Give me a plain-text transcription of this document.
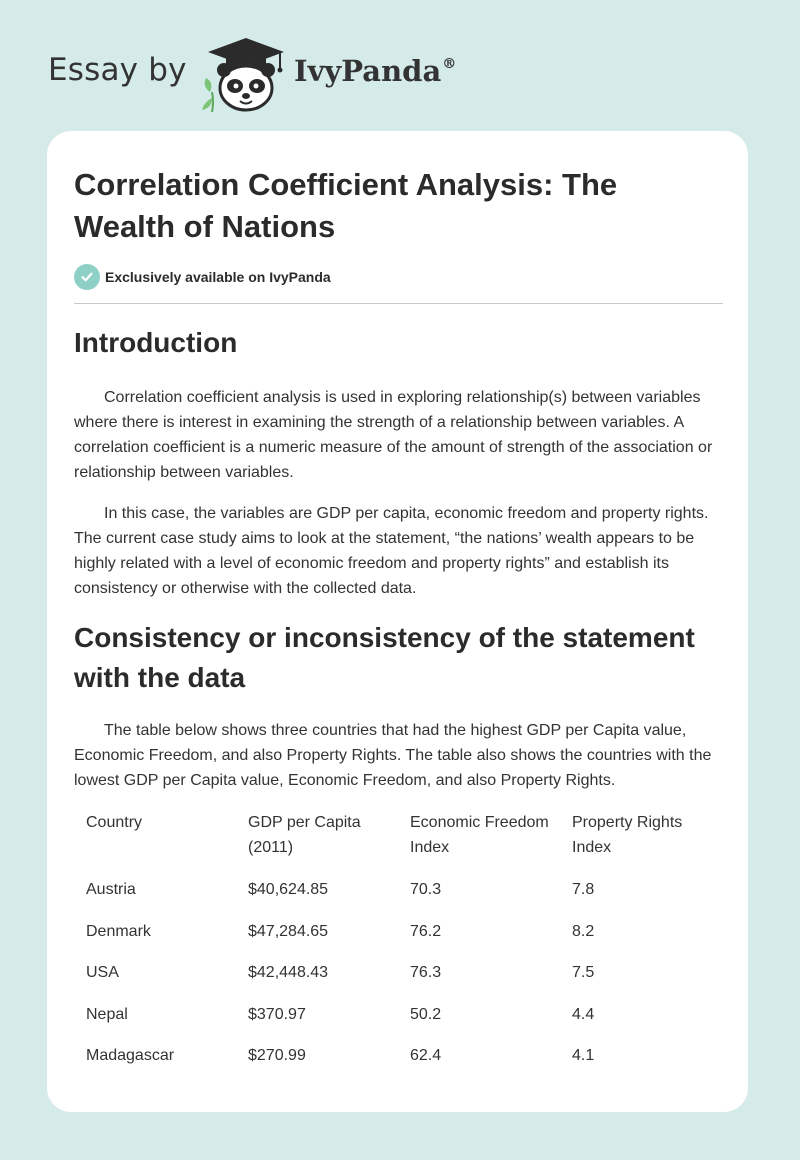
Essay by	IvyPanda®
Correlation Coefficient Analysis: The Wealth of Nations
Exclusively available on IvyPanda
Introduction

Correlation coefficient analysis is used in exploring relationship(s) between variables where there is interest in examining the strength of a relationship between variables. A correlation coefficient is a numeric measure of the amount of strength of the association or relationship between variables.

In this case, the variables are GDP per capita, economic freedom and property rights. The current case study aims to look at the statement, “the nations’ wealth appears to be highly related with a level of economic freedom and property rights” and establish its consistency or otherwise with the collected data.

Consistency or inconsistency of the statement with the data

The table below shows three countries that had the highest GDP per Capita value, Economic Freedom, and also Property Rights. The table also shows the countries with the lowest GDP per Capita value, Economic Freedom, and also Property Rights.

Country	GDP per Capita (2011)	Economic Freedom Index	Property Rights Index
Austria	$40,624.85	70.3	7.8
Denmark	$47,284.65	76.2	8.2
USA	$42,448.43	76.3	7.5
Nepal	$370.97	50.2	4.4
Madagascar	$270.99	62.4	4.1
